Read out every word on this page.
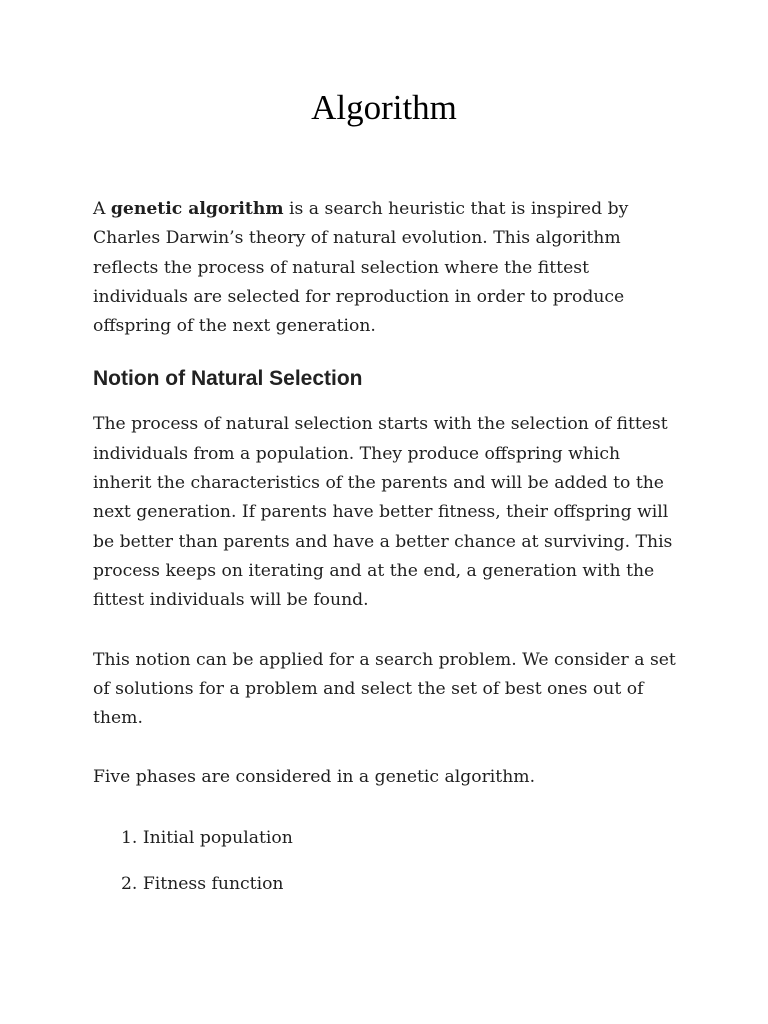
Algorithm

A genetic algorithm is a search heuristic that is inspired by Charles Darwin’s theory of natural evolution. This algorithm reflects the process of natural selection where the fittest individuals are selected for reproduction in order to produce offspring of the next generation.

Notion of Natural Selection

The process of natural selection starts with the selection of fittest individuals from a population. They produce offspring which inherit the characteristics of the parents and will be added to the next generation. If parents have better fitness, their offspring will be better than parents and have a better chance at surviving. This process keeps on iterating and at the end, a generation with the fittest individuals will be found.

This notion can be applied for a search problem. We consider a set of solutions for a problem and select the set of best ones out of them.

Five phases are considered in a genetic algorithm.

1. Initial population
2. Fitness function
